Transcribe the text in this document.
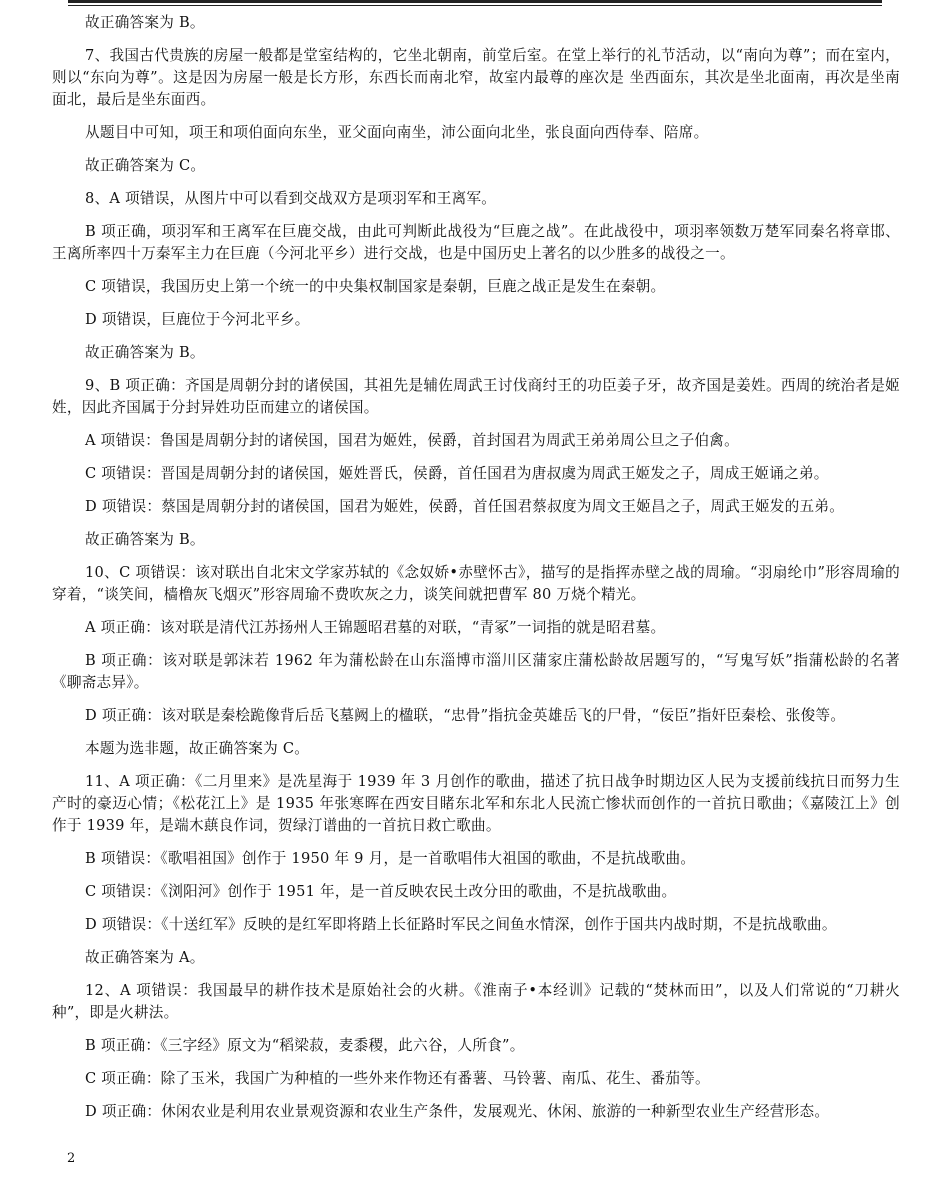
故正确答案为 B。

7、我国古代贵族的房屋一般都是堂室结构的，它坐北朝南，前堂后室。在堂上举行的礼节活动，以“南向为尊”；而在室内，则以“东向为尊”。这是因为房屋一般是长方形，东西长而南北窄，故室内最尊的座次是 坐西面东，其次是坐北面南，再次是坐南面北，最后是坐东面西。

从题目中可知，项王和项伯面向东坐，亚父面向南坐，沛公面向北坐，张良面向西侍奉、陪席。

故正确答案为 C。

8、A 项错误，从图片中可以看到交战双方是项羽军和王离军。

B 项正确，项羽军和王离军在巨鹿交战，由此可判断此战役为“巨鹿之战”。在此战役中，项羽率领数万楚军同秦名将章邯、王离所率四十万秦军主力在巨鹿（今河北平乡）进行交战，也是中国历史上著名的以少胜多的战役之一。

C 项错误，我国历史上第一个统一的中央集权制国家是秦朝，巨鹿之战正是发生在秦朝。

D 项错误，巨鹿位于今河北平乡。

故正确答案为 B。

9、B 项正确：齐国是周朝分封的诸侯国，其祖先是辅佐周武王讨伐商纣王的功臣姜子牙，故齐国是姜姓。西周的统治者是姬姓，因此齐国属于分封异姓功臣而建立的诸侯国。

A 项错误：鲁国是周朝分封的诸侯国，国君为姬姓，侯爵，首封国君为周武王弟弟周公旦之子伯禽。

C 项错误：晋国是周朝分封的诸侯国，姬姓晋氏，侯爵，首任国君为唐叔虞为周武王姬发之子，周成王姬诵之弟。

D 项错误：蔡国是周朝分封的诸侯国，国君为姬姓，侯爵，首任国君蔡叔度为周文王姬昌之子，周武王姬发的五弟。

故正确答案为 B。

10、C 项错误：该对联出自北宋文学家苏轼的《念奴娇•赤壁怀古》，描写的是指挥赤壁之战的周瑜。“羽扇纶巾”形容周瑜的穿着，“谈笑间，樯橹灰飞烟灭”形容周瑜不费吹灰之力，谈笑间就把曹军 80 万烧个精光。

A 项正确：该对联是清代江苏扬州人王锦题昭君墓的对联，“青冢”一词指的就是昭君墓。

B 项正确：该对联是郭沫若 1962 年为蒲松龄在山东淄博市淄川区蒲家庄蒲松龄故居题写的，“写鬼写妖”指蒲松龄的名著《聊斋志异》。

D 项正确：该对联是秦桧跪像背后岳飞墓阙上的楹联，“忠骨”指抗金英雄岳飞的尸骨，“佞臣”指奸臣秦桧、张俊等。

本题为选非题，故正确答案为 C。

11、A 项正确：《二月里来》是冼星海于 1939 年 3 月创作的歌曲，描述了抗日战争时期边区人民为支援前线抗日而努力生产时的豪迈心情；《松花江上》是 1935 年张寒晖在西安目睹东北军和东北人民流亡惨状而创作的一首抗日歌曲；《嘉陵江上》创作于 1939 年，是端木蕻良作词，贺绿汀谱曲的一首抗日救亡歌曲。

B 项错误：《歌唱祖国》创作于 1950 年 9 月，是一首歌唱伟大祖国的歌曲，不是抗战歌曲。

C 项错误：《浏阳河》创作于 1951 年，是一首反映农民土改分田的歌曲，不是抗战歌曲。

D 项错误：《十送红军》反映的是红军即将踏上长征路时军民之间鱼水情深，创作于国共内战时期，不是抗战歌曲。

故正确答案为 A。

12、A 项错误：我国最早的耕作技术是原始社会的火耕。《淮南子•本经训》记载的“焚林而田”，以及人们常说的“刀耕火种”，即是火耕法。

B 项正确：《三字经》原文为“稻梁菽，麦黍稷，此六谷，人所食”。

C 项正确：除了玉米，我国广为种植的一些外来作物还有番薯、马铃薯、南瓜、花生、番茄等。

D 项正确：休闲农业是利用农业景观资源和农业生产条件，发展观光、休闲、旅游的一种新型农业生产经营形态。

2
